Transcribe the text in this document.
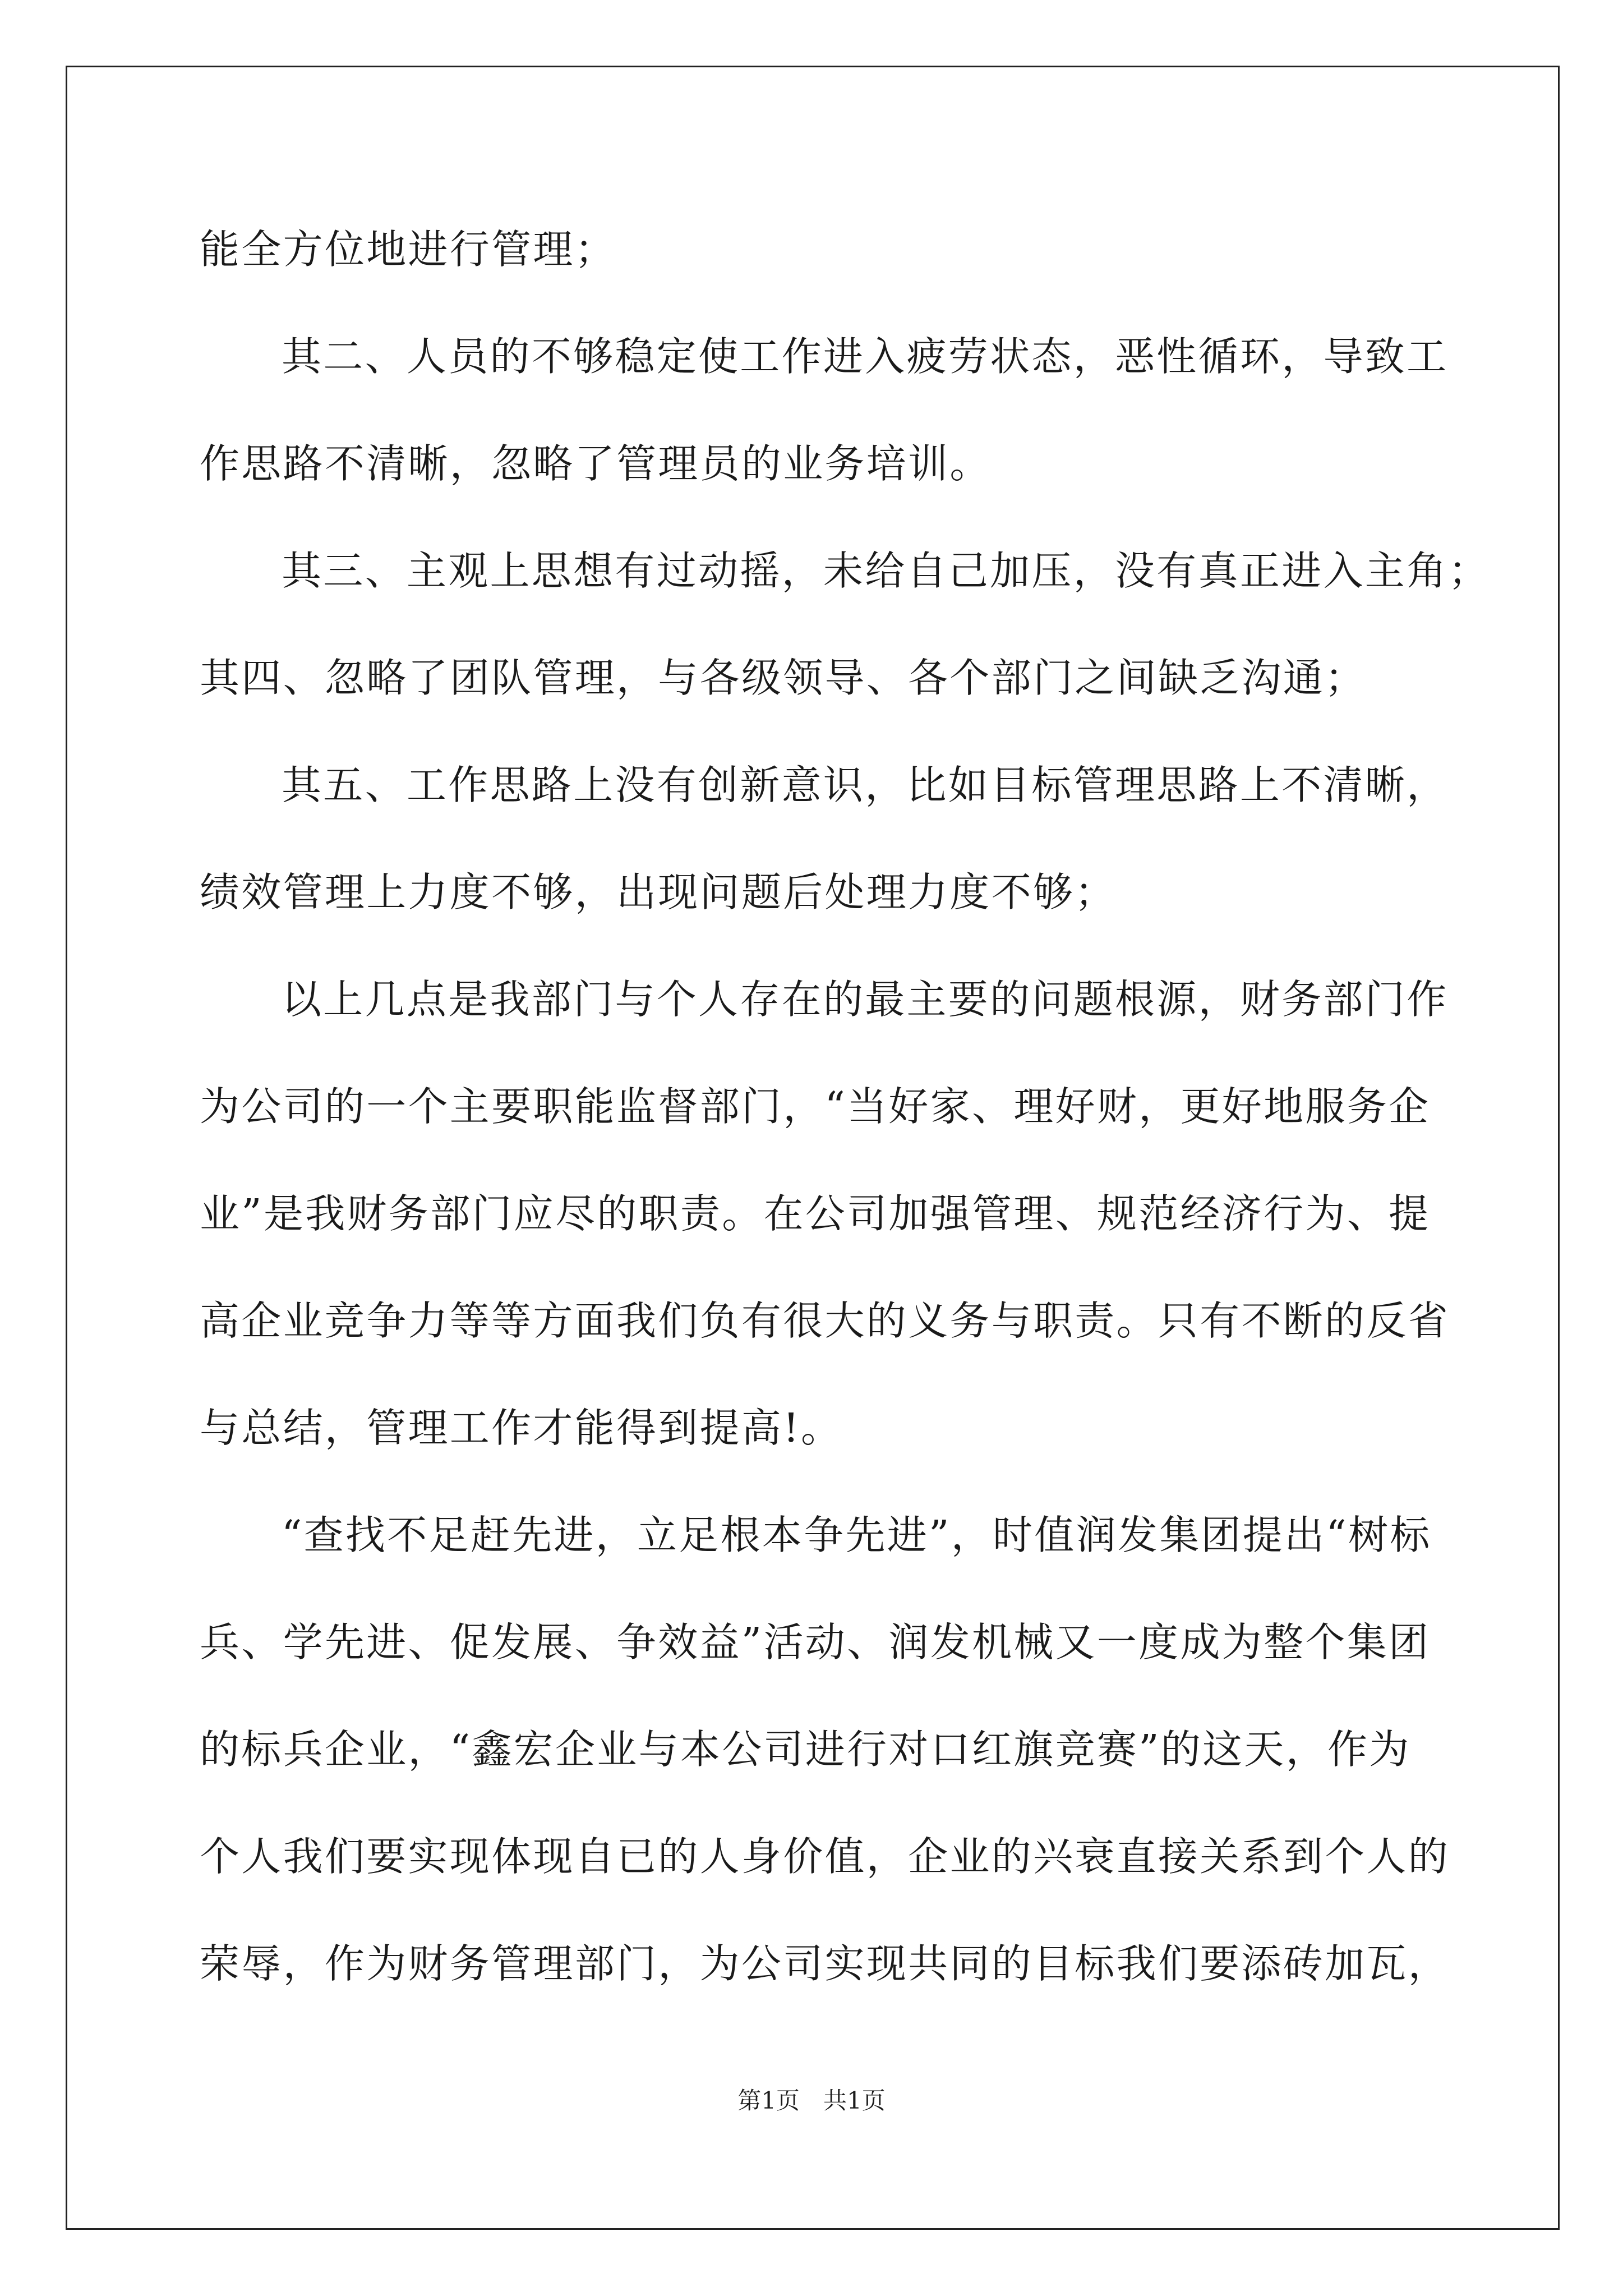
能全方位地进行管理；
其二、人员的不够稳定使工作进入疲劳状态，恶性循环，导致工
作思路不清晰，忽略了管理员的业务培训。
其三、主观上思想有过动摇，未给自己加压，没有真正进入主角；
其四、忽略了团队管理，与各级领导、各个部门之间缺乏沟通；
其五、工作思路上没有创新意识，比如目标管理思路上不清晰，
绩效管理上力度不够，出现问题后处理力度不够；
以上几点是我部门与个人存在的最主要的问题根源，财务部门作
为公司的一个主要职能监督部门，“当好家、理好财，更好地服务企
业”是我财务部门应尽的职责。在公司加强管理、规范经济行为、提
高企业竞争力等等方面我们负有很大的义务与职责。只有不断的反省
与总结，管理工作才能得到提高!。
“查找不足赶先进，立足根本争先进”，时值润发集团提出“树标
兵、学先进、促发展、争效益”活动、润发机械又一度成为整个集团
的标兵企业，“鑫宏企业与本公司进行对口红旗竞赛”的这天，作为
个人我们要实现体现自已的人身价值，企业的兴衰直接关系到个人的
荣辱，作为财务管理部门，为公司实现共同的目标我们要添砖加瓦，
第1页　共1页
